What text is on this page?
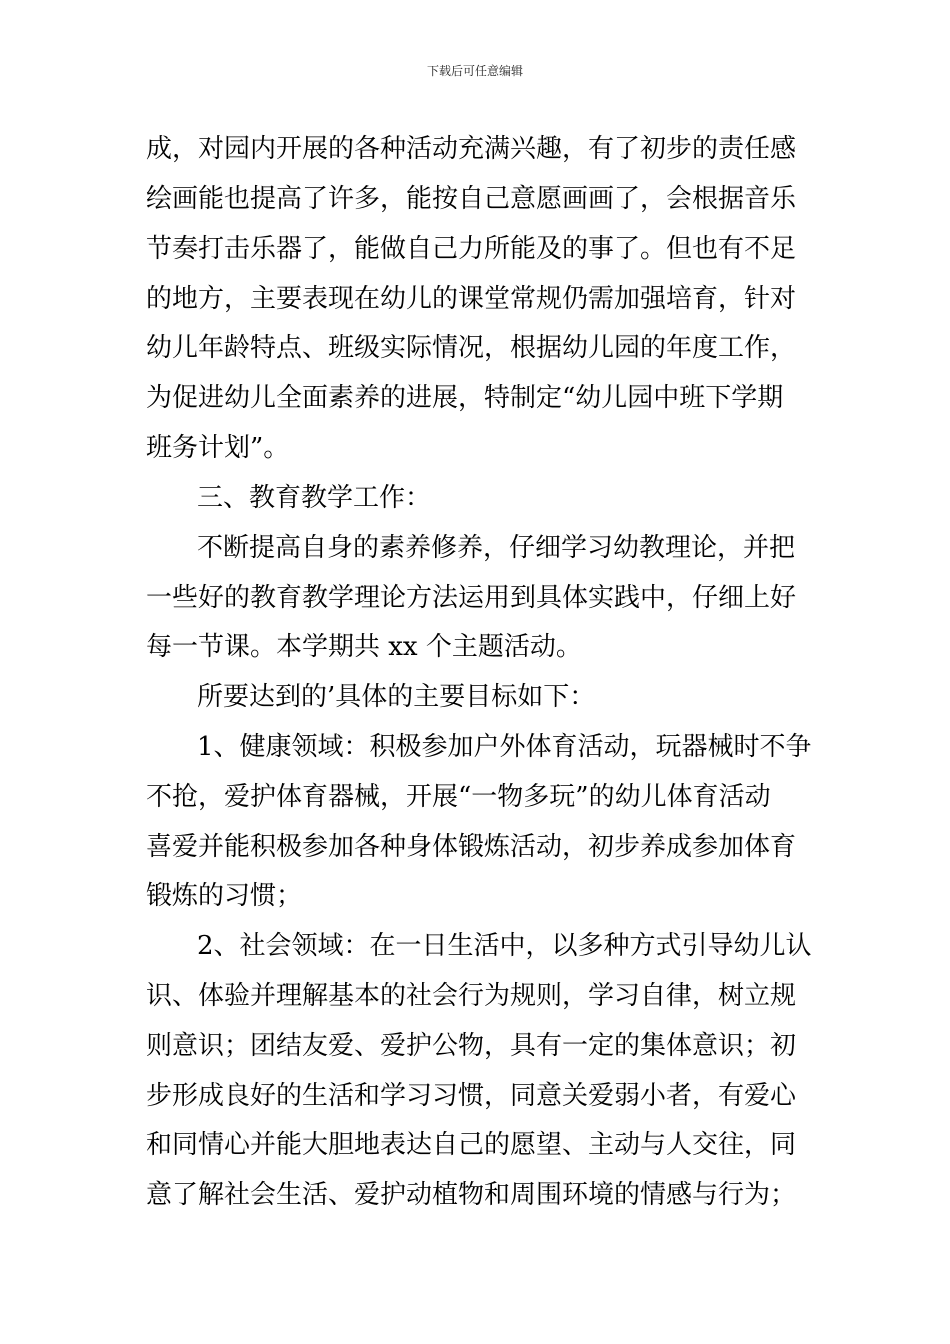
下载后可任意编辑
成，对园内开展的各种活动充满兴趣，有了初步的责任感
绘画能也提高了许多，能按自己意愿画画了，会根据音乐
节奏打击乐器了，能做自己力所能及的事了。但也有不足
的地方，主要表现在幼儿的课堂常规仍需加强培育，针对
幼儿年龄特点、班级实际情况，根据幼儿园的年度工作，
为促进幼儿全面素养的进展，特制定“幼儿园中班下学期
班务计划”。
三、教育教学工作：
不断提高自身的素养修养，仔细学习幼教理论，并把
一些好的教育教学理论方法运用到具体实践中，仔细上好
每一节课。本学期共 xx 个主题活动。
所要达到的’具体的主要目标如下：
1、健康领域：积极参加户外体育活动，玩器械时不争
不抢，爱护体育器械，开展“一物多玩”的幼儿体育活动
喜爱并能积极参加各种身体锻炼活动，初步养成参加体育
锻炼的习惯；
2、社会领域：在一日生活中，以多种方式引导幼儿认
识、体验并理解基本的社会行为规则，学习自律，树立规
则意识；团结友爱、爱护公物，具有一定的集体意识；初
步形成良好的生活和学习习惯，同意关爱弱小者，有爱心
和同情心并能大胆地表达自己的愿望、主动与人交往，同
意了解社会生活、爱护动植物和周围环境的情感与行为；
